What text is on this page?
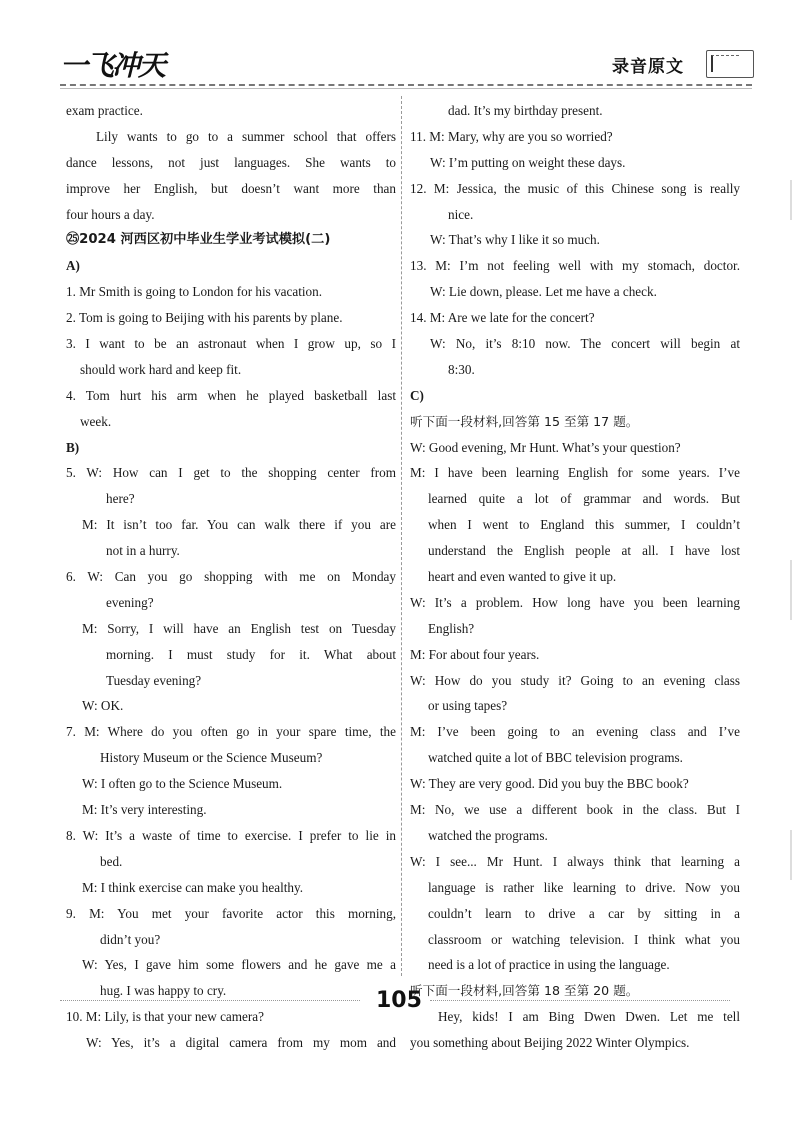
一飞冲天	录音原文
exam practice.
Lily wants to go to a summer school that offers
dance lessons, not just languages. She wants to
improve her English, but doesn’t want more than
four hours a day.
㉕2024 河西区初中毕业生学业考试模拟(二)
A)
1. Mr Smith is going to London for his vacation.
2. Tom is going to Beijing with his parents by plane.
3. I want to be an astronaut when I grow up, so I
should work hard and keep fit.
4. Tom hurt his arm when he played basketball last
week.
B)
5. W: How can I get to the shopping center from
here?
M: It isn’t too far. You can walk there if you are
not in a hurry.
6. W: Can you go shopping with me on Monday
evening?
M: Sorry, I will have an English test on Tuesday
morning. I must study for it. What about
Tuesday evening?
W: OK.
7. M: Where do you often go in your spare time, the
History Museum or the Science Museum?
W: I often go to the Science Museum.
M: It’s very interesting.
8. W: It’s a waste of time to exercise. I prefer to lie in
bed.
M: I think exercise can make you healthy.
9. M: You met your favorite actor this morning,
didn’t you?
W: Yes, I gave him some flowers and he gave me a
hug. I was happy to cry.
10. M: Lily, is that your new camera?
W: Yes, it’s a digital camera from my mom and
dad. It’s my birthday present.
11. M: Mary, why are you so worried?
W: I’m putting on weight these days.
12. M: Jessica, the music of this Chinese song is really
nice.
W: That’s why I like it so much.
13. M: I’m not feeling well with my stomach, doctor.
W: Lie down, please. Let me have a check.
14. M: Are we late for the concert?
W: No, it’s 8:10 now. The concert will begin at
8:30.
C)
听下面一段材料,回答第 15 至第 17 题。
W: Good evening, Mr Hunt. What’s your question?
M: I have been learning English for some years. I’ve
learned quite a lot of grammar and words. But
when I went to England this summer, I couldn’t
understand the English people at all. I have lost
heart and even wanted to give it up.
W: It’s a problem. How long have you been learning
English?
M: For about four years.
W: How do you study it? Going to an evening class
or using tapes?
M: I’ve been going to an evening class and I’ve
watched quite a lot of BBC television programs.
W: They are very good. Did you buy the BBC book?
M: No, we use a different book in the class. But I
watched the programs.
W: I see... Mr Hunt. I always think that learning a
language is rather like learning to drive. Now you
couldn’t learn to drive a car by sitting in a
classroom or watching television. I think what you
need is a lot of practice in using the language.
听下面一段材料,回答第 18 至第 20 题。
Hey, kids! I am Bing Dwen Dwen. Let me tell
you something about Beijing 2022 Winter Olympics.
105
